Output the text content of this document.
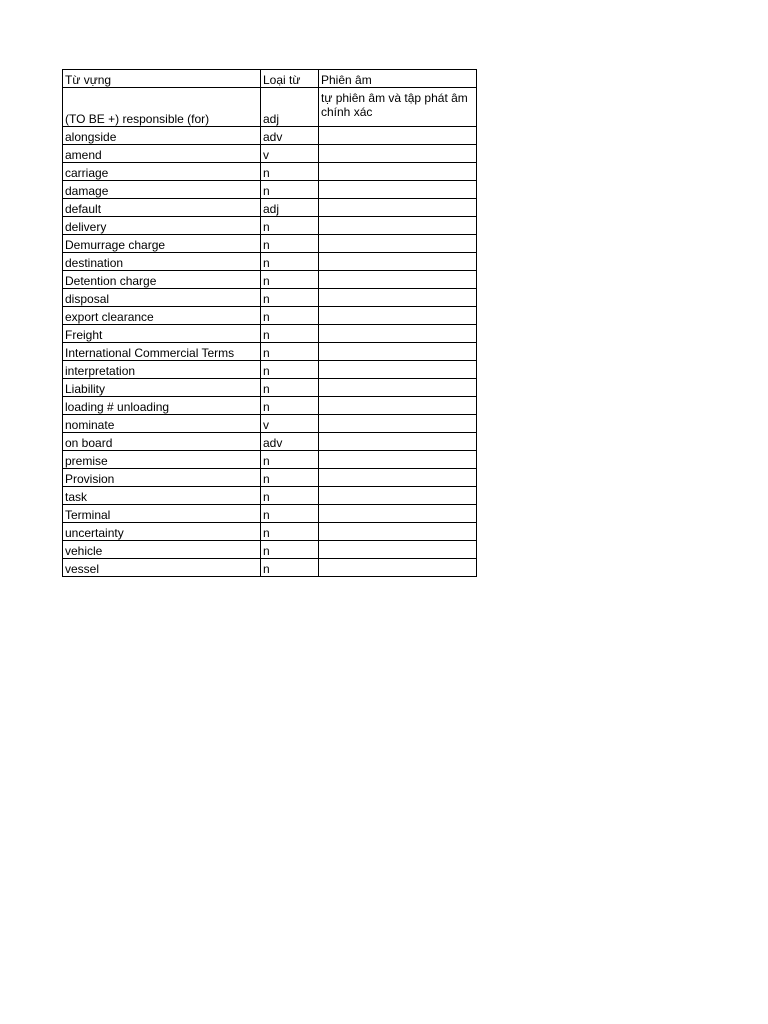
Từ vựng	Loại từ	Phiên âm
(TO BE +) responsible (for)	adj	tự phiên âm và tập phát âm chính xác
alongside	adv	
amend	v	
carriage	n	
damage	n	
default	adj	
delivery	n	
Demurrage charge	n	
destination	n	
Detention charge	n	
disposal	n	
export clearance	n	
Freight	n	
International Commercial Terms	n	
interpretation	n	
Liability	n	
loading # unloading	n	
nominate	v	
on board	adv	
premise	n	
Provision	n	
task	n	
Terminal	n	
uncertainty	n	
vehicle	n	
vessel	n	
